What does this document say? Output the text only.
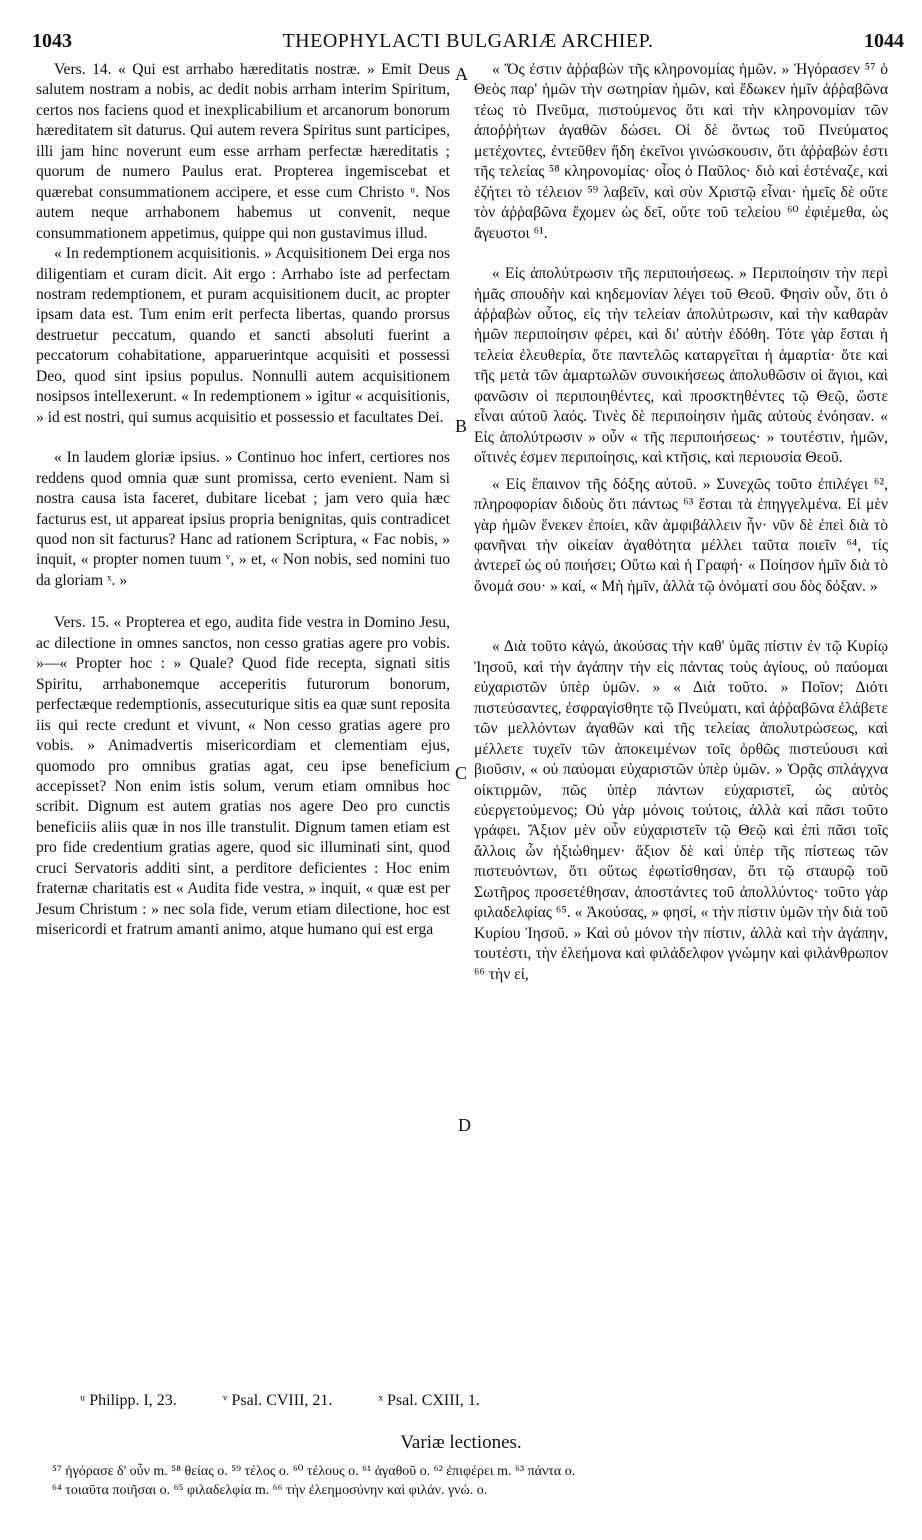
1043	THEOPHYLACTI BULGARIÆ ARCHIEP.	1044

Vers. 14. « Qui est arrhabo hæreditatis nostræ. » Emit Deus salutem nostram a nobis, ac dedit nobis arrham interim Spiritum, certos nos faciens quod et inexplicabilium et arcanorum bonorum hæreditatem sit daturus. Qui autem revera Spiritus sunt participes, illi jam hinc noverunt eum esse arrham perfectæ hæreditatis ; quorum de numero Paulus erat. Propterea ingemiscebat et quærebat consummationem accipere, et esse cum Christo ᵘ. Nos autem neque arrhabonem habemus ut convenit, neque consummationem appetimus, quippe qui non gustavimus illud.

« In redemptionem acquisitionis. » Acquisitionem Dei erga nos diligentiam et curam dicit. Ait ergo : Arrhabo iste ad perfectam nostram redemptionem, et puram acquisitionem ducit, ac propter ipsam data est. Tum enim erit perfecta libertas, quando prorsus destruetur peccatum, quando et sancti absoluti fuerint a peccatorum cohabitatione, apparuerintque acquisiti et possessi Deo, quod sint ipsius populus. Nonnulli autem acquisitionem nosipsos intellexerunt. « In redemptionem » igitur « acquisitionis, » id est nostri, qui sumus acquisitio et possessio et facultates Dei.

« In laudem gloriæ ipsius. » Continuo hoc infert, certiores nos reddens quod omnia quæ sunt promissa, certo evenient. Nam si nostra causa ista faceret, dubitare licebat ; jam vero quia hæc facturus est, ut appareat ipsius propria benignitas, quis contradicet quod non sit facturus? Hanc ad rationem Scriptura, « Fac nobis, » inquit, « propter nomen tuum ᵛ, » et, « Non nobis, sed nomini tuo da gloriam ˣ. »

Vers. 15. « Propterea et ego, audita fide vestra in Domino Jesu, ac dilectione in omnes sanctos, non cesso gratias agere pro vobis. »—« Propter hoc : » Quale? Quod fide recepta, signati sitis Spiritu, arrhabonemque acceperitis futurorum bonorum, perfectæque redemptionis, assecuturique sitis ea quæ sunt reposita iis qui recte credunt et vivunt, « Non cesso gratias agere pro vobis. » Animadvertis misericordiam et clementiam ejus, quomodo pro omnibus gratias agat, ceu ipse beneficium accepisset? Non enim istis solum, verum etiam omnibus hoc scribit. Dignum est autem gratias nos agere Deo pro cunctis beneficiis aliis quæ in nos ille transtulit. Dignum tamen etiam est pro fide credentium gratias agere, quod sic illuminati sint, quod cruci Servatoris additi sint, a perditore deficientes : Hoc enim fraternæ charitatis est « Audita fide vestra, » inquit, « quæ est per Jesum Christum : » nec sola fide, verum etiam dilectione, hoc est misericordi et fratrum amanti animo, atque humano qui est erga

« Ὅς ἐστιν ἀῤῥαβὼν τῆς κληρονομίας ἡμῶν. » Ἠγόρασεν ⁵⁷ ὁ Θεὸς παρ' ἡμῶν τὴν σωτηρίαν ἡμῶν, καὶ ἔδωκεν ἡμῖν ἀῤῥαβῶνα τέως τὸ Πνεῦμα, πιστούμενος ὅτι καὶ τὴν κληρονομίαν τῶν ἀποῤῥήτων ἀγαθῶν δώσει. Οἱ δὲ ὄντως τοῦ Πνεύματος μετέχοντες, ἐντεῦθεν ἤδη ἐκεῖνοι γινώσκουσιν, ὅτι ἀῤῥαβών ἐστι τῆς τελείας ⁵⁸ κληρονομίας· οἷος ὁ Παῦλος· διὸ καὶ ἐστέναζε, καὶ ἐζήτει τὸ τέλειον ⁵⁹ λαβεῖν, καὶ σὺν Χριστῷ εἶναι· ἡμεῖς δὲ οὔτε τὸν ἀῤῥαβῶνα ἔχομεν ὡς δεῖ, οὔτε τοῦ τελείου ⁶⁰ ἐφιέμεθα, ὡς ἄγευστοι ⁶¹.

« Εἰς ἀπολύτρωσιν τῆς περιποιήσεως. » Περιποίησιν τὴν περὶ ἡμᾶς σπουδὴν καὶ κηδεμονίαν λέγει τοῦ Θεοῦ. Φησὶν οὖν, ὅτι ὁ ἀῤῥαβὼν οὗτος, εἰς τὴν τελείαν ἀπολύτρωσιν, καὶ τὴν καθαρὰν ἡμῶν περιποίησιν φέρει, καὶ δι' αὐτὴν ἐδόθη. Τότε γὰρ ἔσται ἡ τελεία ἐλευθερία, ὅτε παντελῶς καταργεῖται ἡ ἁμαρτία· ὅτε καὶ τῆς μετὰ τῶν ἁμαρτωλῶν συνοικήσεως ἀπολυθῶσιν οἱ ἅγιοι, καὶ φανῶσιν οἱ περιποιηθέντες, καὶ προσκτηθέντες τῷ Θεῷ, ὥστε εἶναι αὐτοῦ λαός. Τινὲς δὲ περιποίησιν ἡμᾶς αὐτοὺς ἐνόησαν. « Εἰς ἀπολύτρωσιν » οὖν « τῆς περιποιήσεως· » τουτέστιν, ἡμῶν, οἵτινές ἐσμεν περιποίησις, καὶ κτῆσις, καὶ περιουσία Θεοῦ.

« Εἰς ἔπαινον τῆς δόξης αὐτοῦ. » Συνεχῶς τοῦτο ἐπιλέγει ⁶², πληροφορίαν διδοὺς ὅτι πάντως ⁶³ ἔσται τὰ ἐπηγγελμένα. Εἰ μὲν γὰρ ἡμῶν ἕνεκεν ἐποίει, κἂν ἀμφιβάλλειν ἦν· νῦν δὲ ἐπεὶ διὰ τὸ φανῆναι τὴν οἰκείαν ἀγαθότητα μέλλει ταῦτα ποιεῖν ⁶⁴, τίς ἀντερεῖ ὡς οὐ ποιήσει; Οὕτω καὶ ἡ Γραφή· « Ποίησον ἡμῖν διὰ τὸ ὄνομά σου· » καί, « Μὴ ἡμῖν, ἀλλὰ τῷ ὀνόματί σου δὸς δόξαν. »

« Διὰ τοῦτο κἀγώ, ἀκούσας τὴν καθ' ὑμᾶς πίστιν ἐν τῷ Κυρίῳ Ἰησοῦ, καὶ τὴν ἀγάπην τὴν εἰς πάντας τοὺς ἁγίους, οὐ παύομαι εὐχαριστῶν ὑπὲρ ὑμῶν. » « Διὰ τοῦτο. » Ποῖον; Διότι πιστεύσαντες, ἐσφραγίσθητε τῷ Πνεύματι, καὶ ἀῤῥαβῶνα ἐλάβετε τῶν μελλόντων ἀγαθῶν καὶ τῆς τελείας ἀπολυτρώσεως, καὶ μέλλετε τυχεῖν τῶν ἀποκειμένων τοῖς ὀρθῶς πιστεύουσι καὶ βιοῦσιν, « οὐ παύομαι εὐχαριστῶν ὑπὲρ ὑμῶν. » Ὁρᾷς σπλάγχνα οἰκτιρμῶν, πῶς ὑπὲρ πάντων εὐχαριστεῖ, ὡς αὐτὸς εὐεργετούμενος; Οὐ γὰρ μόνοις τούτοις, ἀλλὰ καὶ πᾶσι τοῦτο γράφει. Ἄξιον μὲν οὖν εὐχαριστεῖν τῷ Θεῷ καὶ ἐπὶ πᾶσι τοῖς ἄλλοις ὧν ἠξιώθημεν· ἄξιον δὲ καὶ ὑπὲρ τῆς πίστεως τῶν πιστευόντων, ὅτι οὕτως ἐφωτίσθησαν, ὅτι τῷ σταυρῷ τοῦ Σωτῆρος προσετέθησαν, ἀποστάντες τοῦ ἀπολλύντος· τοῦτο γὰρ φιλαδελφίας ⁶⁵. « Ἀκούσας, » φησί, « τὴν πίστιν ὑμῶν τὴν διὰ τοῦ Κυρίου Ἰησοῦ. » Καὶ οὐ μόνον τὴν πίστιν, ἀλλὰ καὶ τὴν ἀγάπην, τουτέστι, τὴν ἐλεήμονα καὶ φιλάδελφον γνώμην καὶ φιλάνθρωπον ⁶⁶ τὴν εἰ,

A
B
C
D
ᵘ Philipp. I, 23.	ᵛ Psal. CVIII, 21.	ˣ Psal. CXIII, 1.
Variæ lectiones.
⁵⁷ ἠγόρασε δ' οὖν m. ⁵⁸ θείας o. ⁵⁹ τέλος o. ⁶⁰ τέλους o. ⁶¹ ἀγαθοῦ o. ⁶² ἐπιφέρει m. ⁶³ πάντα o.
⁶⁴ τοιαῦτα ποιῆσαι o. ⁶⁵ φιλαδελφία m. ⁶⁶ τὴν ἐλεημοσύνην καὶ φιλάν. γνώ. o.
